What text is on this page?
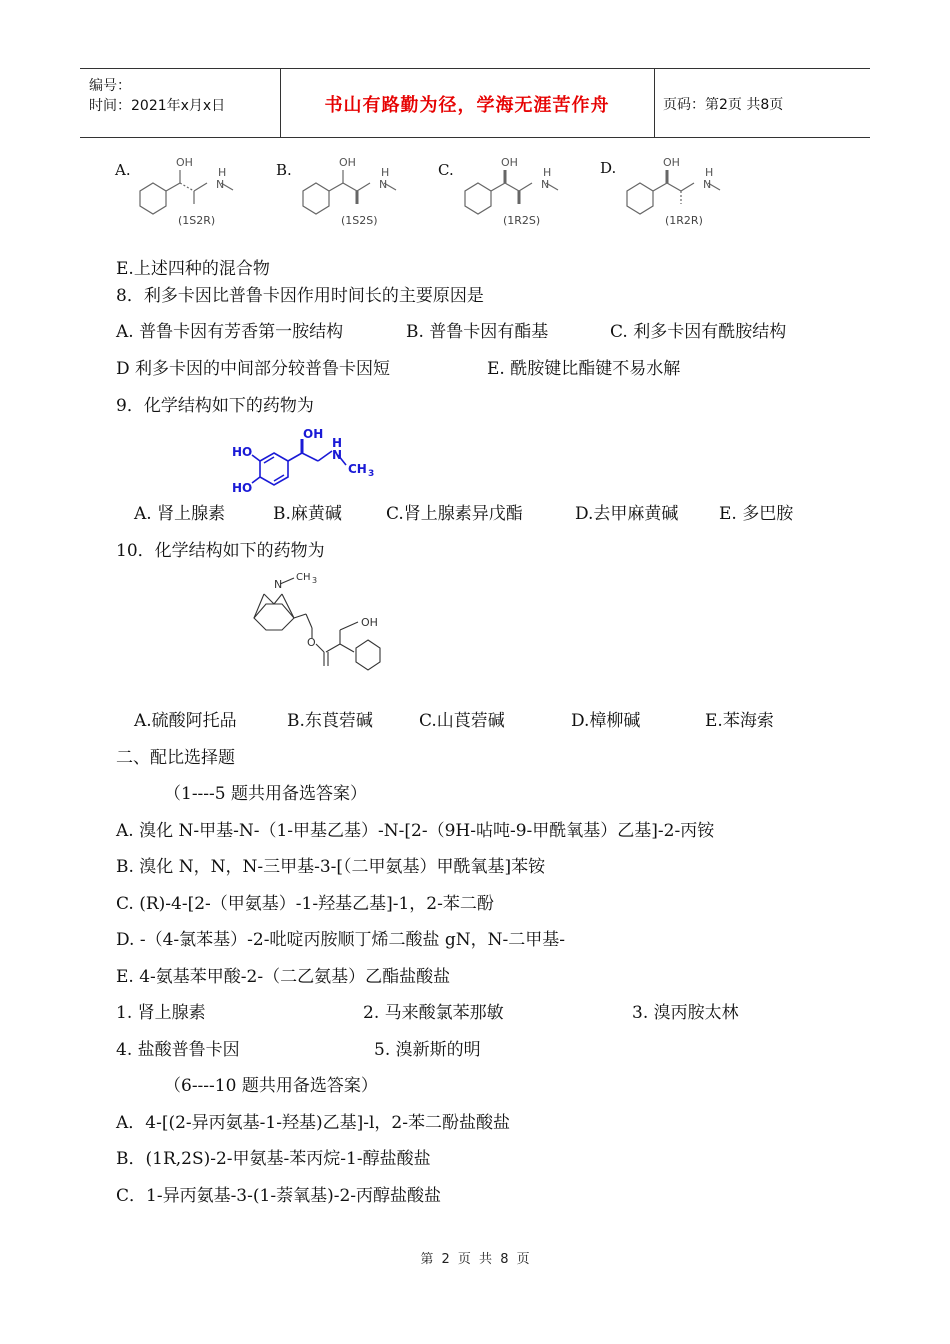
编号：
时间：2021年x月x日	书山有路勤为径，学海无涯苦作舟	页码：第2页 共8页
OH
H
N
OH
H
N
OH
H
N
OH
H
N
(1S2R)	(1S2S)	(1R2S)	(1R2R)
A.	B.	C.	D.
E.上述四种的混合物
8．利多卡因比普鲁卡因作用时间长的主要原因是
A. 普鲁卡因有芳香第一胺结构	B. 普鲁卡因有酯基	C. 利多卡因有酰胺结构
D 利多卡因的中间部分较普鲁卡因短	E. 酰胺键比酯键不易水解
9．化学结构如下的药物为
OH
H
N
CH 3
HO
HO
A. 肾上腺素	B.麻黄碱	C.肾上腺素异戊酯	D.去甲麻黄碱 E. 多巴胺
10．化学结构如下的药物为
N
CH 3
O
OH
A.硫酸阿托品	B.东莨菪碱	C.山莨菪碱	D.樟柳碱	E.苯海索
二、配比选择题
（1----5 题共用备选答案）
A. 溴化 N-甲基-N-（1-甲基乙基）-N-[2-（9H-呫吨-9-甲酰氧基）乙基]-2-丙铵
B. 溴化 N，N，N-三甲基-3-[（二甲氨基）甲酰氧基]苯铵
C. (R)-4-[2-（甲氨基）-1-羟基乙基]-1，2-苯二酚
D. -（4-氯苯基）-2-吡啶丙胺顺丁烯二酸盐 gN，N-二甲基-
E. 4-氨基苯甲酸-2-（二乙氨基）乙酯盐酸盐
1. 肾上腺素	2. 马来酸氯苯那敏	3. 溴丙胺太林
4. 盐酸普鲁卡因	5. 溴新斯的明
（6----10 题共用备选答案）
A．4-[(2-异丙氨基-1-羟基)乙基]-l，2-苯二酚盐酸盐
B．(1R,2S)-2-甲氨基-苯丙烷-1-醇盐酸盐
C．1-异丙氨基-3-(1-萘氧基)-2-丙醇盐酸盐
第 2 页 共 8 页
